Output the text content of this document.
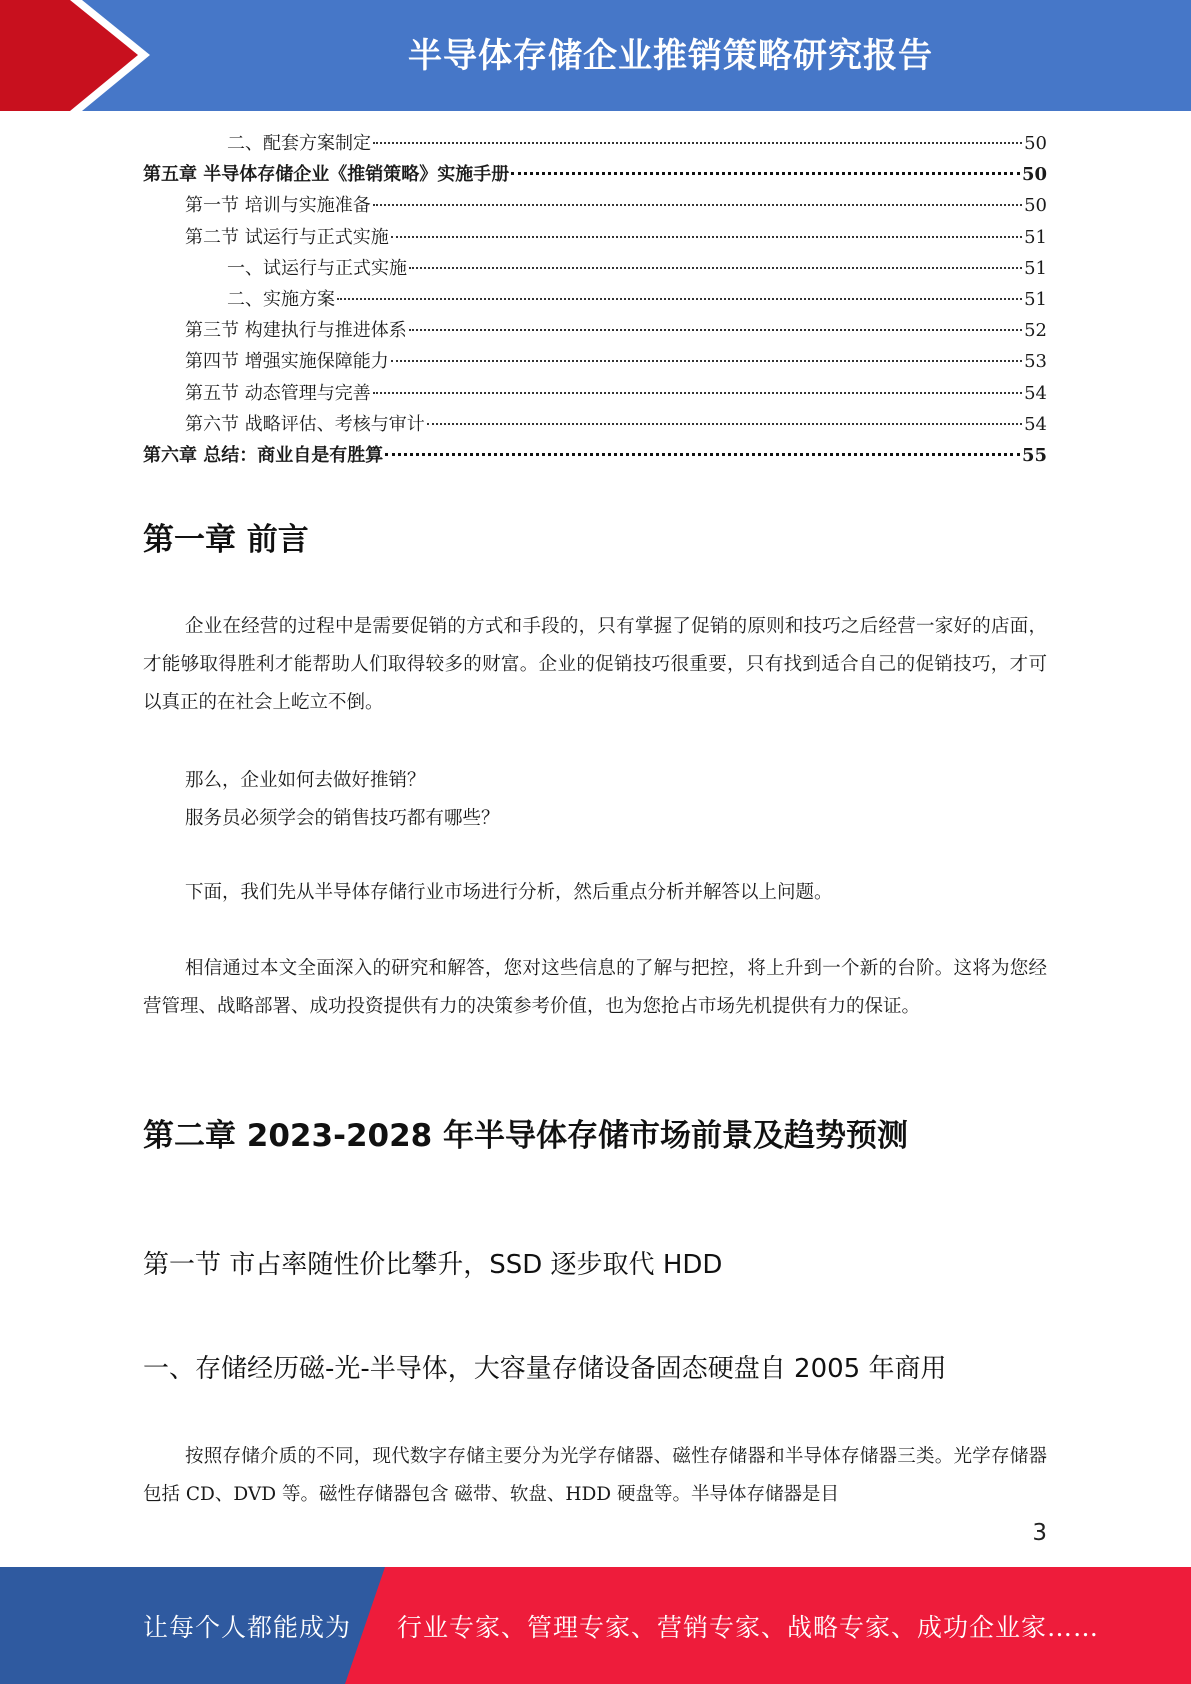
半导体存储企业推销策略研究报告
二、配套方案制定	50
第五章 半导体存储企业《推销策略》实施手册	50
第一节 培训与实施准备	50
第二节 试运行与正式实施	51
一、试运行与正式实施	51
二、实施方案	51
第三节 构建执行与推进体系	52
第四节 增强实施保障能力	53
第五节 动态管理与完善	54
第六节 战略评估、考核与审计	54
第六章 总结：商业自是有胜算	55
第一章 前言
企业在经营的过程中是需要促销的方式和手段的，只有掌握了促销的原则和技巧之后经营一家好的店面，才能够取得胜利才能帮助人们取得较多的财富。企业的促销技巧很重要，只有找到适合自己的促销技巧，才可以真正的在社会上屹立不倒。
那么，企业如何去做好推销？
服务员必须学会的销售技巧都有哪些？
下面，我们先从半导体存储行业市场进行分析，然后重点分析并解答以上问题。
相信通过本文全面深入的研究和解答，您对这些信息的了解与把控，将上升到一个新的台阶。这将为您经营管理、战略部署、成功投资提供有力的决策参考价值，也为您抢占市场先机提供有力的保证。
第二章 2023-2028 年半导体存储市场前景及趋势预测
第一节 市占率随性价比攀升，SSD 逐步取代 HDD
一、存储经历磁-光-半导体，大容量存储设备固态硬盘自 2005 年商用
按照存储介质的不同，现代数字存储主要分为光学存储器、磁性存储器和半导体存储器三类。光学存储器包括 CD、DVD 等。磁性存储器包含 磁带、软盘、HDD 硬盘等。半导体存储器是目
3
让每个人都能成为 行业专家、管理专家、营销专家、战略专家、成功企业家……
